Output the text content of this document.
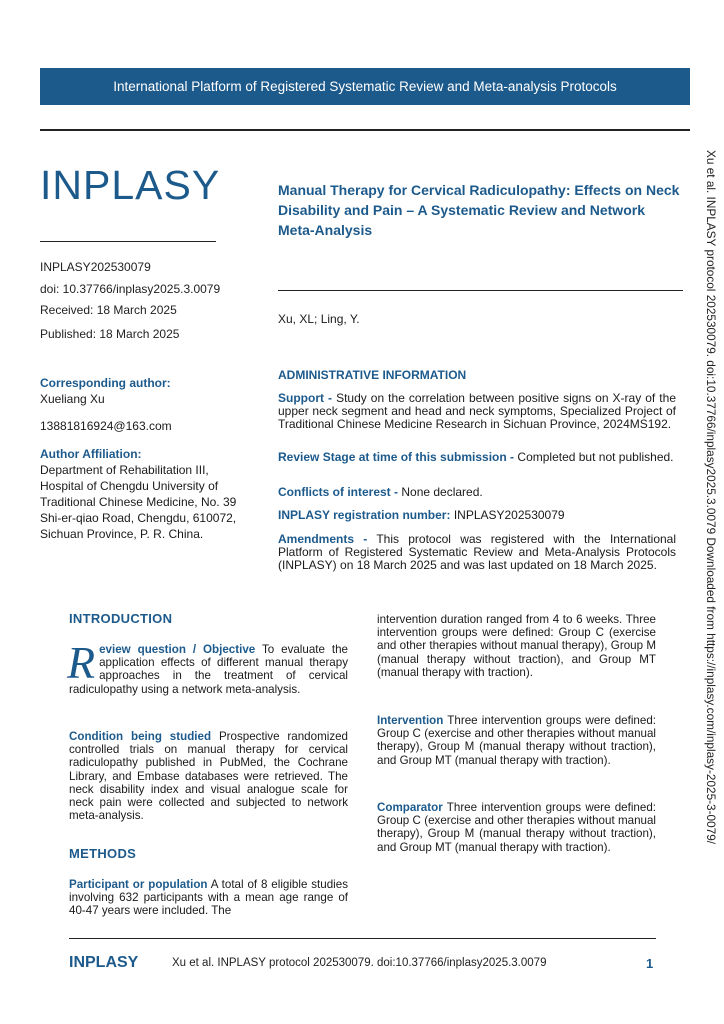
International Platform of Registered Systematic Review and Meta-analysis Protocols
INPLASY
INPLASY202530079
doi: 10.37766/inplasy2025.3.0079
Received: 18 March 2025
Published: 18 March 2025
Manual Therapy for Cervical Radiculopathy: Effects on Neck Disability and Pain – A Systematic Review and Network Meta-Analysis
Xu, XL; Ling, Y.
Corresponding author:
Xueliang Xu
13881816924@163.com
Author Affiliation:
Department of Rehabilitation III, Hospital of Chengdu University of Traditional Chinese Medicine, No. 39 Shi-er-qiao Road, Chengdu, 610072, Sichuan Province, P. R. China.
ADMINISTRATIVE INFORMATION
Support - Study on the correlation between positive signs on X-ray of the upper neck segment and head and neck symptoms, Specialized Project of Traditional Chinese Medicine Research in Sichuan Province, 2024MS192.
Review Stage at time of this submission - Completed but not published.
Conflicts of interest - None declared.
INPLASY registration number: INPLASY202530079
Amendments - This protocol was registered with the International Platform of Registered Systematic Review and Meta-Analysis Protocols (INPLASY) on 18 March 2025 and was last updated on 18 March 2025.
INTRODUCTION
Review question / Objective To evaluate the application effects of different manual therapy approaches in the treatment of cervical radiculopathy using a network meta-analysis.
Condition being studied Prospective randomized controlled trials on manual therapy for cervical radiculopathy published in PubMed, the Cochrane Library, and Embase databases were retrieved. The neck disability index and visual analogue scale for neck pain were collected and subjected to network meta-analysis.
METHODS
Participant or population A total of 8 eligible studies involving 632 participants with a mean age range of 40-47 years were included. The
intervention duration ranged from 4 to 6 weeks. Three intervention groups were defined: Group C (exercise and other therapies without manual therapy), Group M (manual therapy without traction), and Group MT (manual therapy with traction).
Intervention Three intervention groups were defined: Group C (exercise and other therapies without manual therapy), Group M (manual therapy without traction), and Group MT (manual therapy with traction).
Comparator Three intervention groups were defined: Group C (exercise and other therapies without manual therapy), Group M (manual therapy without traction), and Group MT (manual therapy with traction).
Xu et al. INPLASY protocol 202530079. doi:10.37766/inplasy2025.3.0079 Downloaded from https://inplasy.com/inplasy-2025-3-0079/
INPLASY	Xu et al. INPLASY protocol 202530079. doi:10.37766/inplasy2025.3.0079	1
